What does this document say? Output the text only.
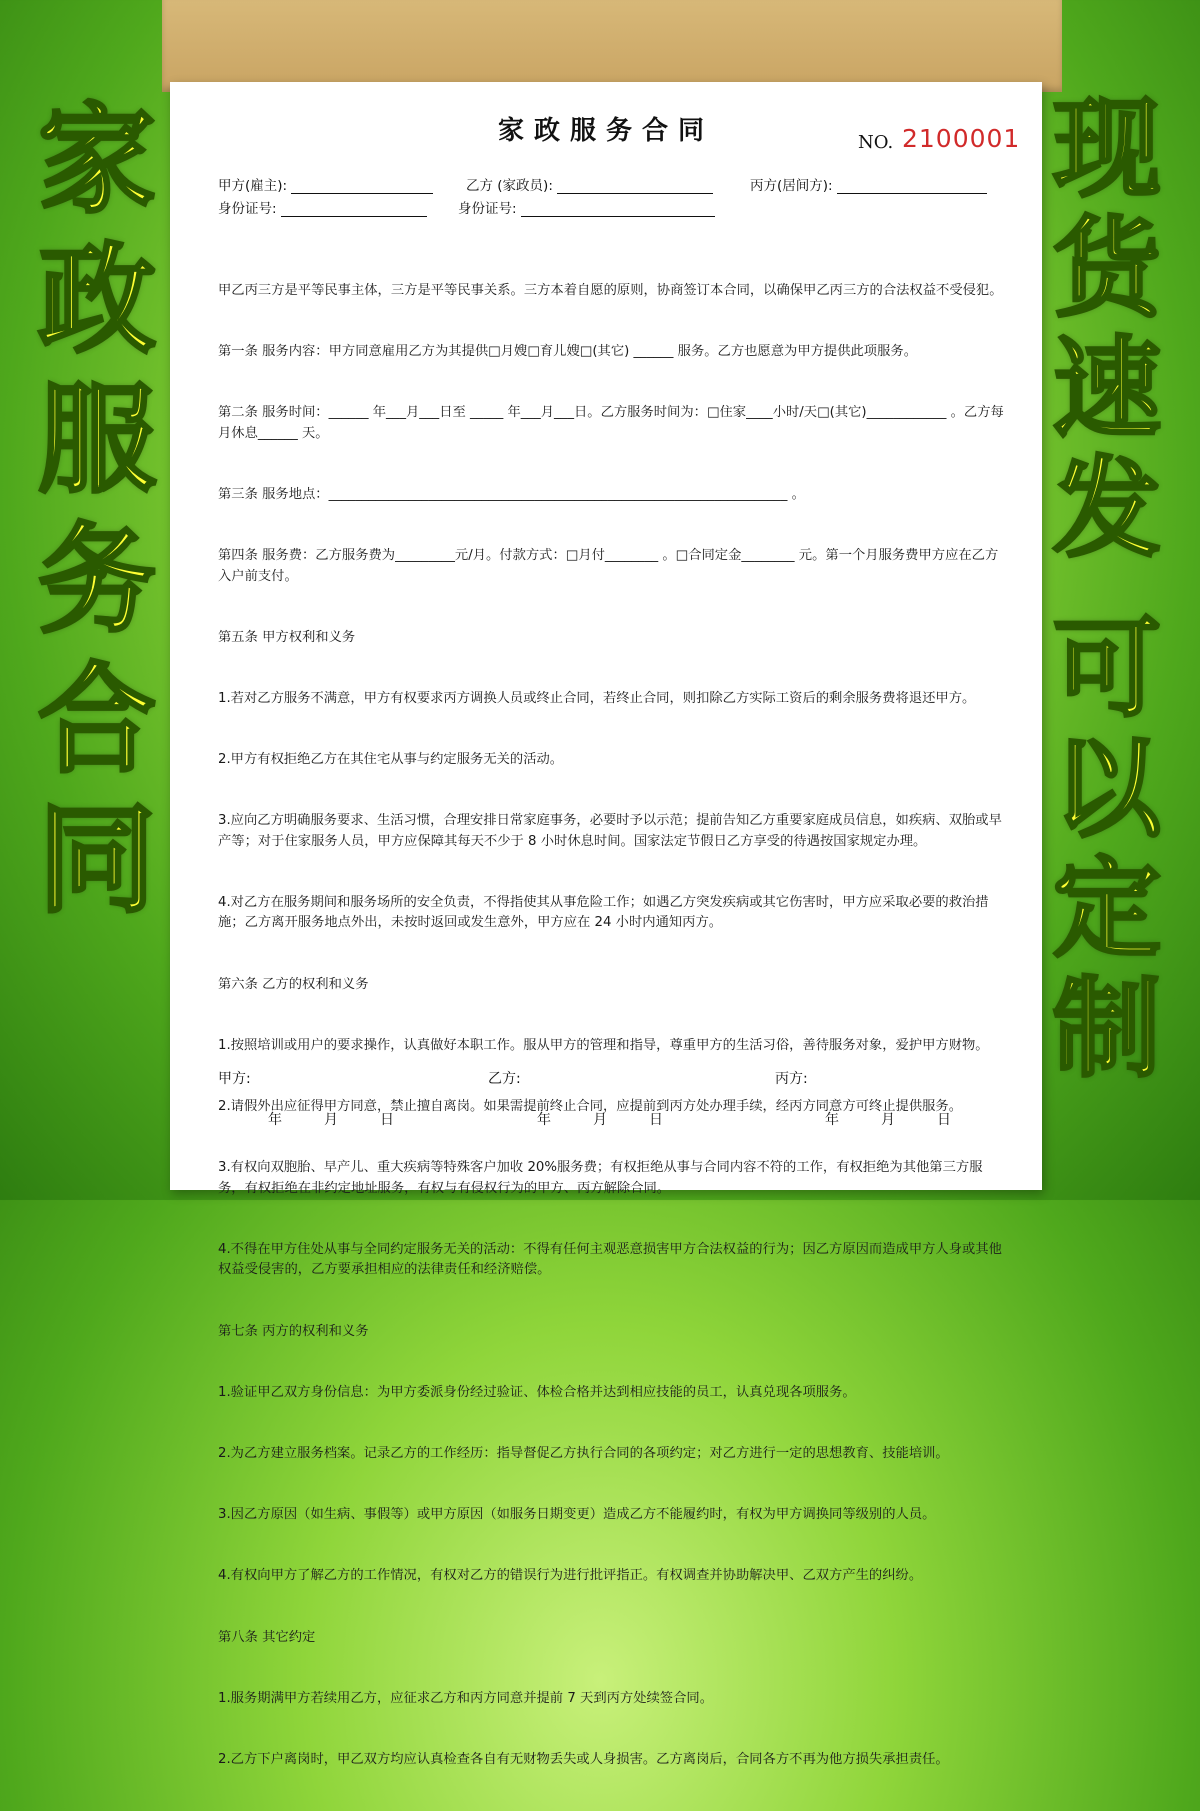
家
政
服
务
合
同
现
货
速
发
可
以
定
制
家政服务合同	NO. 2100001
甲方(雇主):	乙方 (家政员):	丙方(居间方):
身份证号:	身份证号:

甲乙丙三方是平等民事主体，三方是平等民事关系。三方本着自愿的原则，协商签订本合同，以确保甲乙丙三方的合法权益不受侵犯。

第一条 服务内容：甲方同意雇用乙方为其提供□月嫂□育儿嫂□(其它) ______ 服务。乙方也愿意为甲方提供此项服务。

第二条 服务时间：______ 年___月___日至 _____ 年___月___日。乙方服务时间为：□住家____小时/天□(其它)____________ 。乙方每月休息______ 天。

第三条 服务地点：_____________________________________________________________________ 。

第四条 服务费：乙方服务费为_________元/月。付款方式：□月付________ 。□合同定金________ 元。第一个月服务费甲方应在乙方入户前支付。

第五条 甲方权利和义务

1.若对乙方服务不满意，甲方有权要求丙方调换人员或终止合同，若终止合同，则扣除乙方实际工资后的剩余服务费将退还甲方。

2.甲方有权拒绝乙方在其住宅从事与约定服务无关的活动。

3.应向乙方明确服务要求、生活习惯，合理安排日常家庭事务，必要时予以示范；提前告知乙方重要家庭成员信息，如疾病、双胎或早产等；对于住家服务人员，甲方应保障其每天不少于 8 小时休息时间。国家法定节假日乙方享受的待遇按国家规定办理。

4.对乙方在服务期间和服务场所的安全负责，不得指使其从事危险工作；如遇乙方突发疾病或其它伤害时，甲方应采取必要的救治措施；乙方离开服务地点外出，未按时返回或发生意外，甲方应在 24 小时内通知丙方。

第六条 乙方的权利和义务

1.按照培训或用户的要求操作，认真做好本职工作。服从甲方的管理和指导，尊重甲方的生活习俗，善待服务对象，爱护甲方财物。

2.请假外出应征得甲方同意，禁止擅自离岗。如果需提前终止合同，应提前到丙方处办理手续，经丙方同意方可终止提供服务。

3.有权向双胞胎、早产儿、重大疾病等特殊客户加收 20%服务费；有权拒绝从事与合同内容不符的工作，有权拒绝为其他第三方服务，有权拒绝在非约定地址服务，有权与有侵权行为的甲方、丙方解除合同。

4.不得在甲方住处从事与全同约定服务无关的活动：不得有任何主观恶意损害甲方合法权益的行为；因乙方原因而造成甲方人身或其他权益受侵害的，乙方要承担相应的法律责任和经济赔偿。

第七条 丙方的权利和义务

1.验证甲乙双方身份信息：为甲方委派身份经过验证、体检合格并达到相应技能的员工，认真兑现各项服务。

2.为乙方建立服务档案。记录乙方的工作经历：指导督促乙方执行合同的各项约定；对乙方进行一定的思想教育、技能培训。

3.因乙方原因（如生病、事假等）或甲方原因（如服务日期变更）造成乙方不能履约时，有权为甲方调换同等级别的人员。

4.有权向甲方了解乙方的工作情况，有权对乙方的错误行为进行批评指正。有权调查并协助解决甲、乙双方产生的纠纷。

第八条 其它约定

1.服务期满甲方若续用乙方，应征求乙方和丙方同意并提前 7 天到丙方处续签合同。

2.乙方下户离岗时，甲乙双方均应认真检查各自有无财物丢失或人身损害。乙方离岗后，合同各方不再为他方损失承担责任。

甲方:	乙方:	丙方:
年	月	日	年	月	日	年	月	日
